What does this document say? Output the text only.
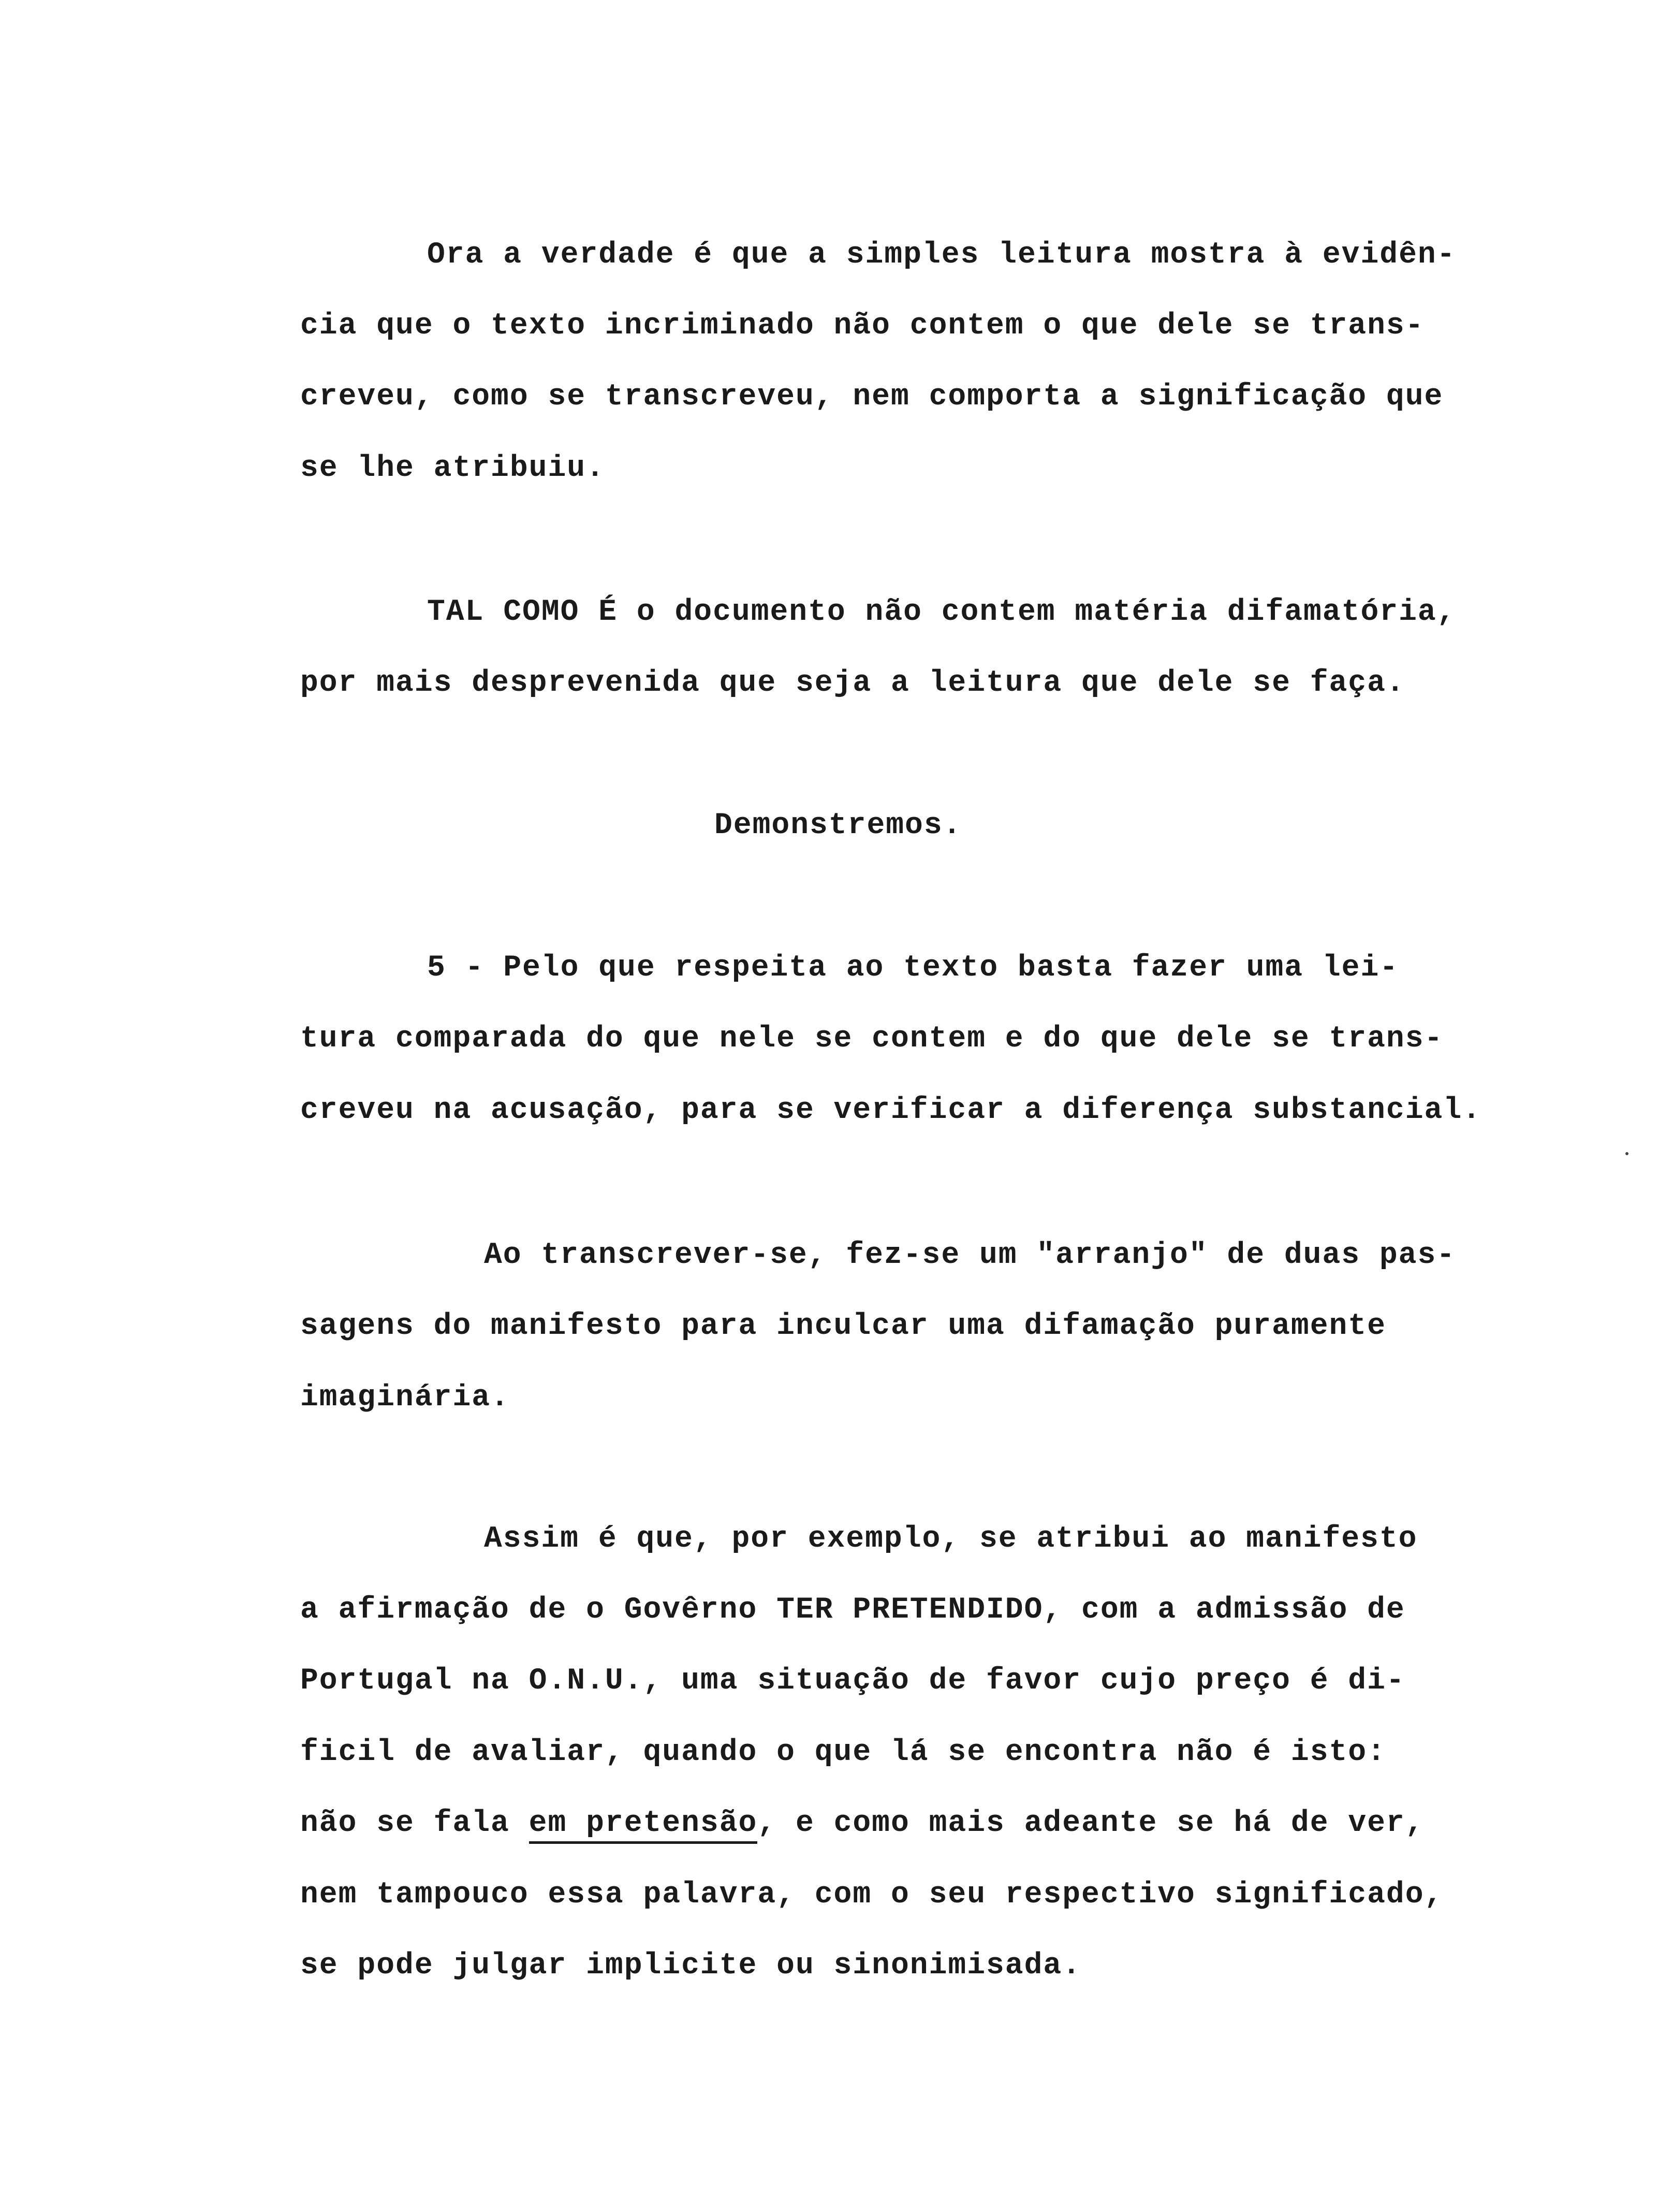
Ora a verdade é que a simples leitura mostra à evidên-
cia que o texto incriminado não contem o que dele se trans-
creveu, como se transcreveu, nem comporta a significação que
se lhe atribuiu.
TAL COMO É o documento não contem matéria difamatória,
por mais desprevenida que seja a leitura que dele se faça.
Demonstremos.
5 - Pelo que respeita ao texto basta fazer uma lei-
tura comparada do que nele se contem e do que dele se trans-
creveu na acusação, para se verificar a diferença substancial.
Ao transcrever-se, fez-se um "arranjo" de duas pas-
sagens do manifesto para inculcar uma difamação puramente
imaginária.
Assim é que, por exemplo, se atribui ao manifesto
a afirmação de o Govêrno TER PRETENDIDO, com a admissão de
Portugal na O.N.U., uma situação de favor cujo preço é di-
ficil de avaliar, quando o que lá se encontra não é isto:
não se fala em pretensão, e como mais adeante se há de ver,
nem tampouco essa palavra, com o seu respectivo significado,
se pode julgar implicite ou sinonimisada.
